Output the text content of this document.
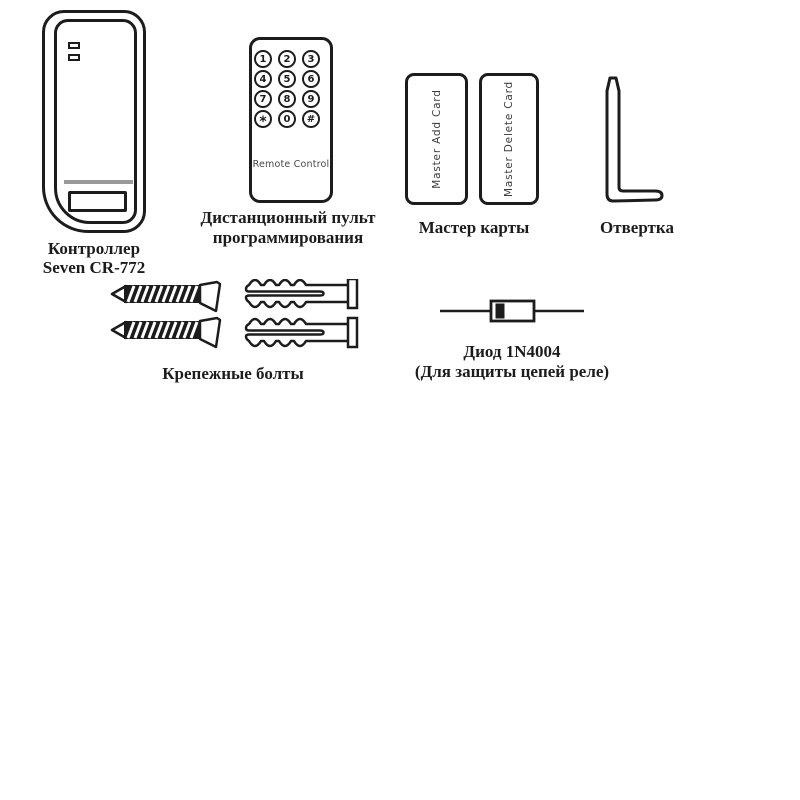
Контроллер
Seven CR-772
1	2	3
4	5	6
7	8	9
*	0	#
Remote Control
Дистанционный пульт
программирования
Master Add Card	Master Delete Card
Мастер карты	Отвертка
Крепежные болты
Диод 1N4004
(Для защиты цепей реле)
